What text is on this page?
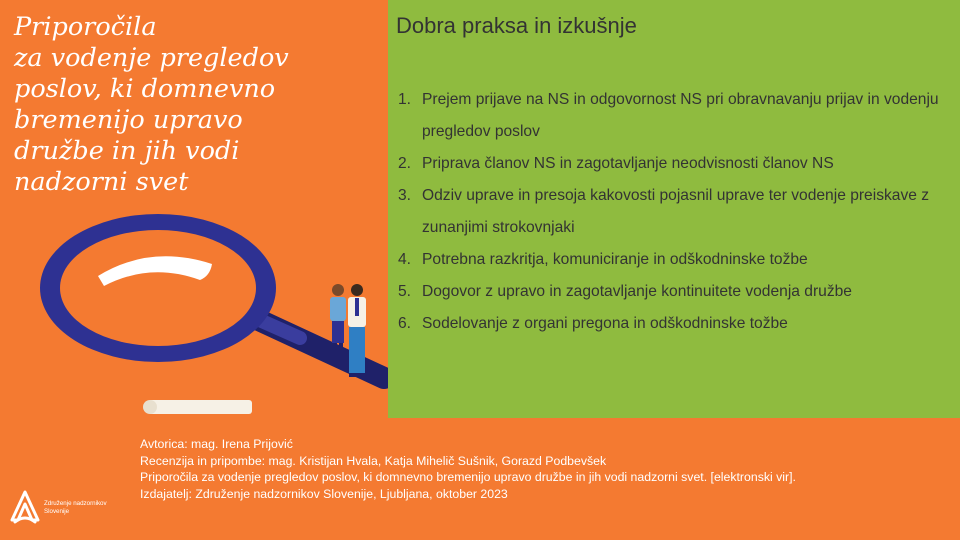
Priporočila
za vodenje pregledov
poslov, ki domnevno
bremenijo upravo
družbe in jih vodi
nadzorni svet
Dobra praksa in izkušnje
1. Prejem prijave na NS in odgovornost NS pri obravnavanju prijav in vodenju pregledov poslov
2. Priprava članov NS in zagotavljanje neodvisnosti članov NS
3. Odziv uprave in presoja kakovosti pojasnil uprave ter vodenje preiskave z zunanjimi strokovnjaki
4. Potrebna razkritja, komuniciranje in odškodninske tožbe
5. Dogovor z upravo in zagotavljanje kontinuitete vodenja družbe
6. Sodelovanje z organi pregona in odškodninske tožbe
Avtorica: mag. Irena Prijović
Recenzija in pripombe: mag. Kristijan Hvala, Katja Mihelič Sušnik, Gorazd Podbevšek
Priporočila za vodenje pregledov poslov, ki domnevno bremenijo upravo družbe in jih vodi nadzorni svet. [elektronski vir].
Izdajatelj: Združenje nadzornikov Slovenije, Ljubljana, oktober 2023
Združenje nadzornikov
Slovenije
